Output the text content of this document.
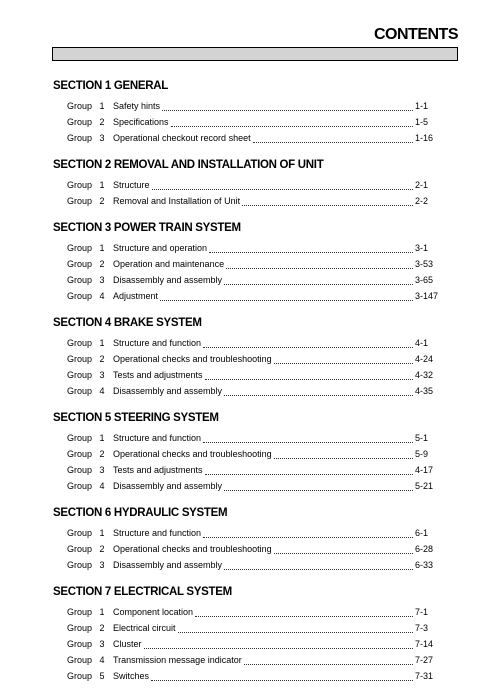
CONTENTS
SECTION 1 GENERAL
Group   1 Safety hints	1-1
Group   2 Specifications	1-5
Group   3 Operational checkout record sheet	1-16
SECTION 2 REMOVAL AND INSTALLATION OF UNIT
Group   1 Structure	2-1
Group   2 Removal and Installation of Unit	2-2
SECTION 3 POWER TRAIN SYSTEM
Group   1 Structure and operation	3-1
Group   2 Operation and maintenance	3-53
Group   3 Disassembly and assembly	3-65
Group   4 Adjustment	3-147
SECTION 4 BRAKE SYSTEM
Group   1 Structure and function	4-1
Group   2 Operational checks and troubleshooting	4-24
Group   3 Tests and adjustments	4-32
Group   4 Disassembly and assembly	4-35
SECTION 5 STEERING SYSTEM
Group   1 Structure and function	5-1
Group   2 Operational checks and troubleshooting	5-9
Group   3 Tests and adjustments	4-17
Group   4 Disassembly and assembly	5-21
SECTION 6 HYDRAULIC SYSTEM
Group   1 Structure and function	6-1
Group   2 Operational checks and troubleshooting	6-28
Group   3 Disassembly and assembly	6-33
SECTION 7 ELECTRICAL SYSTEM
Group   1 Component location	7-1
Group   2 Electrical circuit	7-3
Group   3 Cluster	7-14
Group   4 Transmission message indicator	7-27
Group   5 Switches	7-31
